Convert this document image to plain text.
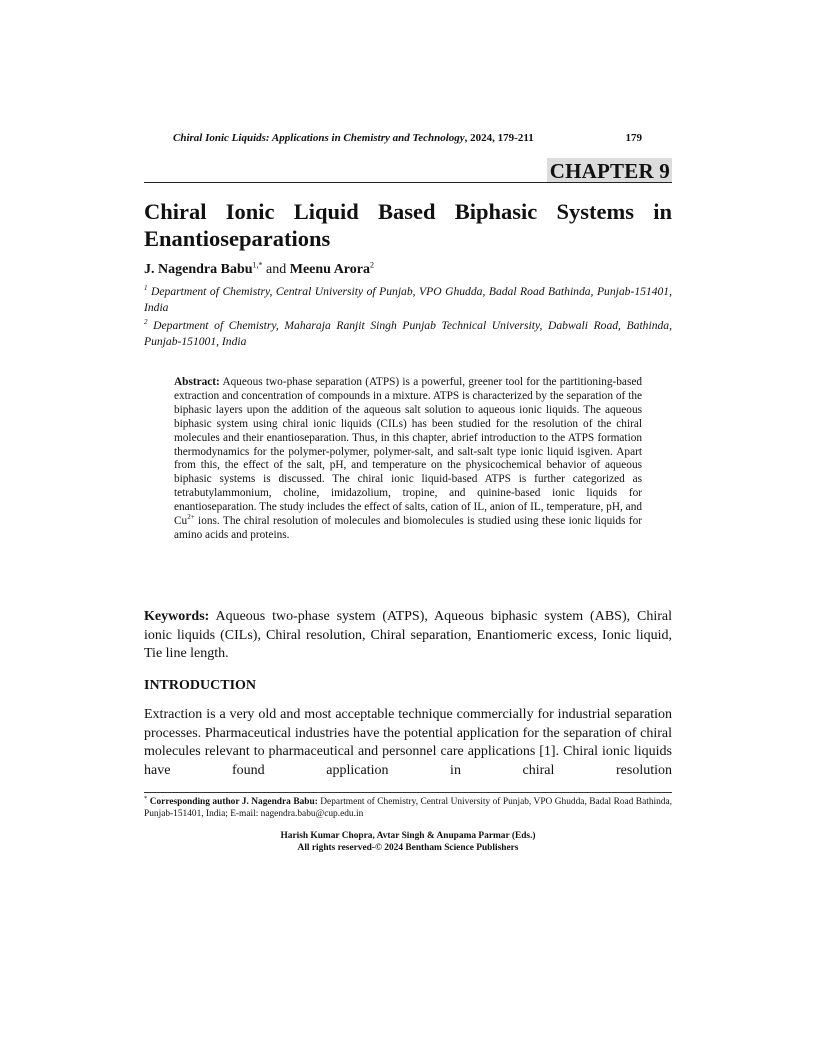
Chiral Ionic Liquids: Applications in Chemistry and Technology, 2024, 179-211	179
CHAPTER 9
Chiral Ionic Liquid Based Biphasic Systems in Enantioseparations
J. Nagendra Babu$^{1,*}$ and Meenu Arora$^2$
$^1$ Department of Chemistry, Central University of Punjab, VPO Ghudda, Badal Road Bathinda, Punjab-151401, India
$^2$ Department of Chemistry, Maharaja Ranjit Singh Punjab Technical University, Dabwali Road, Bathinda, Punjab-151001, India
Abstract: Aqueous two-phase separation (ATPS) is a powerful, greener tool for the partitioning-based extraction and concentration of compounds in a mixture. ATPS is characterized by the separation of the biphasic layers upon the addition of the aqueous salt solution to aqueous ionic liquids. The aqueous biphasic system using chiral ionic liquids (CILs) has been studied for the resolution of the chiral molecules and their enantioseparation. Thus, in this chapter, abrief introduction to the ATPS formation thermodynamics for the polymer-polymer, polymer-salt, and salt-salt type ionic liquid isgiven. Apart from this, the effect of the salt, pH, and temperature on the physicochemical behavior of aqueous biphasic systems is discussed. The chiral ionic liquid-based ATPS is further categorized as tetrabutylammonium, choline, imidazolium, tropine, and quinine-based ionic liquids for enantioseparation. The study includes the effect of salts, cation of IL, anion of IL, temperature, pH, and $Cu^{2+}$ ions. The chiral resolution of molecules and biomolecules is studied using these ionic liquids for amino acids and proteins.
Keywords: Aqueous two-phase system (ATPS), Aqueous biphasic system (ABS), Chiral ionic liquids (CILs), Chiral resolution, Chiral separation, Enantiomeric excess, Ionic liquid, Tie line length.
INTRODUCTION

Extraction is a very old and most acceptable technique commercially for industrial separation processes. Pharmaceutical industries have the potential application for the separation of chiral molecules relevant to pharmaceutical and personnel care applications [1]. Chiral ionic liquids have found application in chiral resolution

* Corresponding author J. Nagendra Babu: Department of Chemistry, Central University of Punjab, VPO Ghudda, Badal Road Bathinda, Punjab-151401, India; E-mail: nagendra.babu@cup.edu.in
Harish Kumar Chopra, Avtar Singh & Anupama Parmar (Eds.)
All rights reserved-© 2024 Bentham Science Publishers
